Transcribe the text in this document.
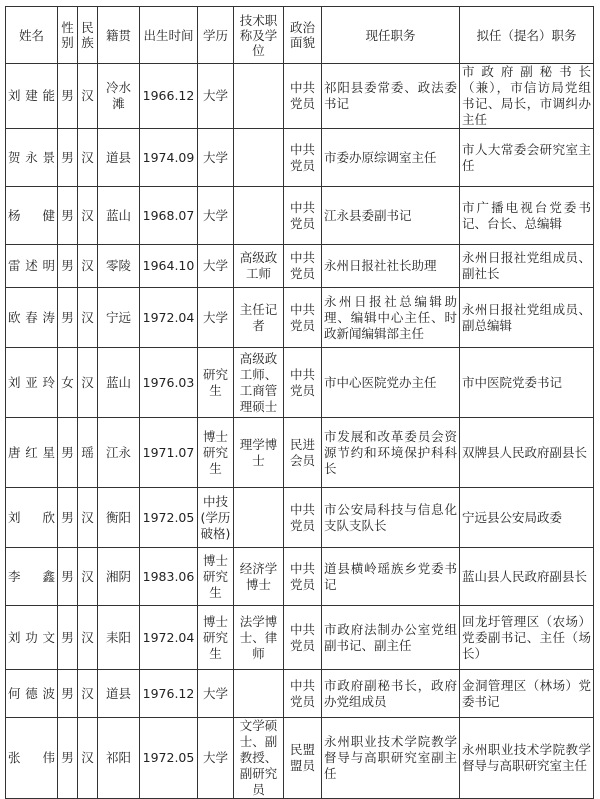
姓名	性别	民族	籍贯	出生时间	学历	技术职称及学位	政治面貌	现任职务	拟任（提名）职务
刘建能	男	汉	冷水滩	1966.12	大学		中共党员	祁阳县委常委、政法委书记	市政府副秘书长（兼），市信访局党组书记、局长，市调纠办主任
贺永景	男	汉	道县	1974.09	大学		中共党员	市委办原综调室主任	市人大常委会研究室主任
杨　健	男	汉	蓝山	1968.07	大学		中共党员	江永县委副书记	市广播电视台党委书记、台长、总编辑
雷述明	男	汉	零陵	1964.10	大学	高级政工师	中共党员	永州日报社社长助理	永州日报社党组成员、副社长
欧春涛	男	汉	宁远	1972.04	大学	主任记者	中共党员	永州日报社总编辑助理、编辑中心主任、时政新闻编辑部主任	永州日报社党组成员、副总编辑
刘亚玲	女	汉	蓝山	1976.03	研究生	高级政工师、工商管理硕士	中共党员	市中心医院党办主任	市中医院党委书记
唐红星	男	瑶	江永	1971.07	博士研究生	理学博士	民进会员	市发展和改革委员会资源节约和环境保护科科长	双牌县人民政府副县长
刘　欣	男	汉	衡阳	1972.05	中技(学历破格)		中共党员	市公安局科技与信息化支队支队长	宁远县公安局政委
李　鑫	男	汉	湘阴	1983.06	博士研究生	经济学博士	中共党员	道县横岭瑶族乡党委书记	蓝山县人民政府副县长
刘功文	男	汉	耒阳	1972.04	博士研究生	法学博士、律师	中共党员	市政府法制办公室党组副书记、副主任	回龙圩管理区（农场）党委副书记、主任（场长）
何德波	男	汉	道县	1976.12	大学		中共党员	市政府副秘书长，政府办党组成员	金洞管理区（林场）党委书记
张　伟	男	汉	祁阳	1972.05	大学	文学硕士、副教授、副研究员	民盟盟员	永州职业技术学院教学督导与高职研究室副主任	永州职业技术学院教学督导与高职研究室主任
